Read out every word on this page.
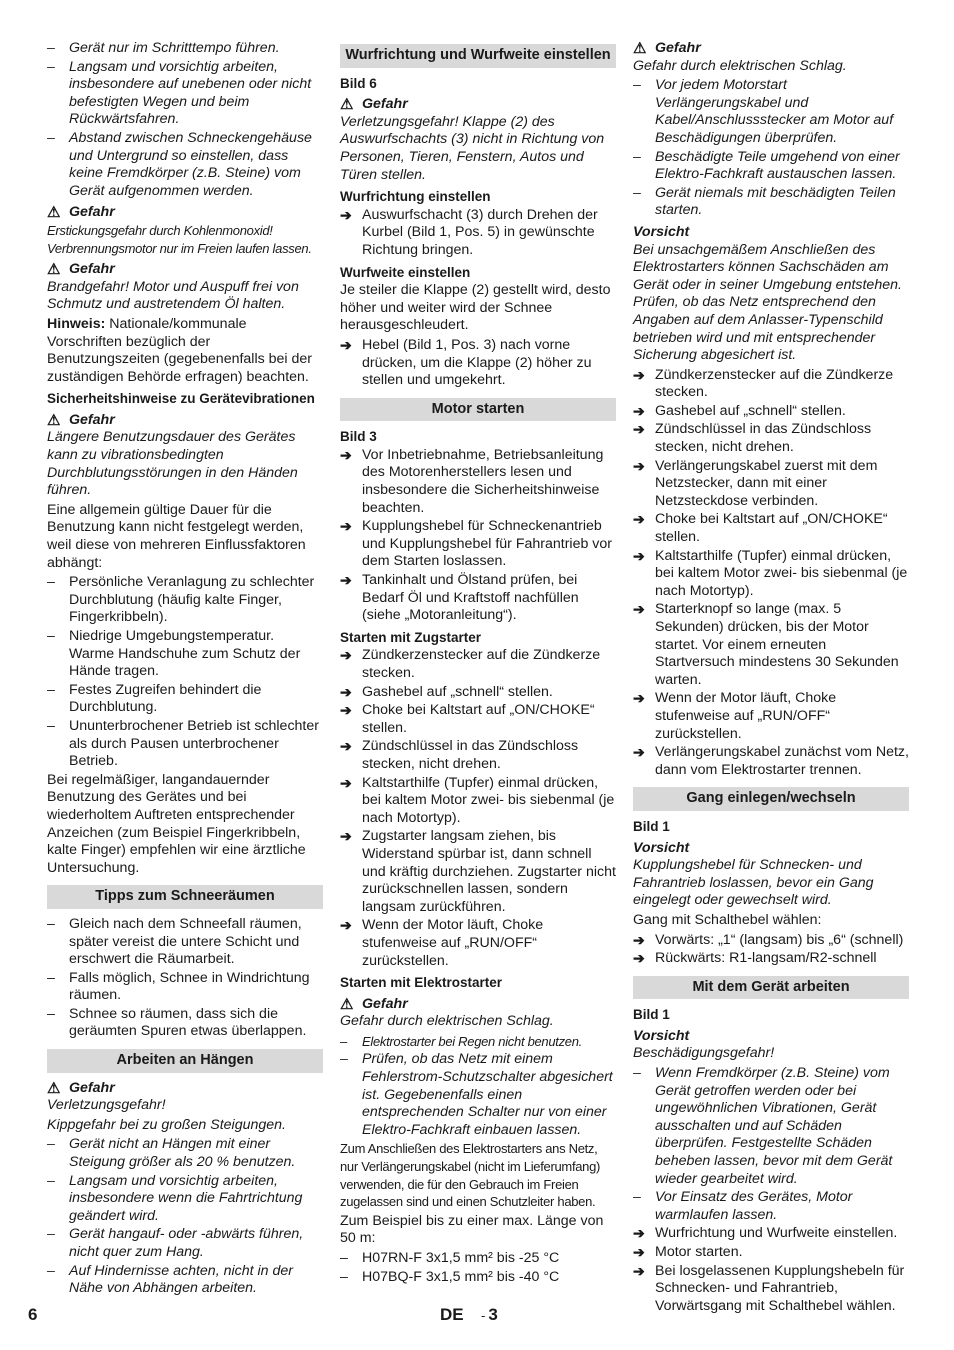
– Gerät nur im Schritttempo führen.
– Langsam und vorsichtig arbeiten, insbesondere auf unebenen oder nicht befestigten Wegen und beim Rückwärtsfahren.
– Abstand zwischen Schneckengehäuse und Untergrund so einstellen, dass keine Fremdkörper (z.B. Steine) vom Gerät aufgenommen werden.
⚠ Gefahr
Erstickungsgefahr durch Kohlenmonoxid! Verbrennungsmotor nur im Freien laufen lassen.
⚠ Gefahr
Brandgefahr! Motor und Auspuff frei von Schmutz und austretendem Öl halten.
Hinweis: Nationale/kommunale Vorschriften bezüglich der Benutzungszeiten (gegebenenfalls bei der zuständigen Behörde erfragen) beachten.
Sicherheitshinweise zu Gerätevibrationen
⚠ Gefahr
Längere Benutzungsdauer des Gerätes kann zu vibrationsbedingten Durchblutungsstörungen in den Händen führen.
Eine allgemein gültige Dauer für die Benutzung kann nicht festgelegt werden, weil diese von mehreren Einflussfaktoren abhängt:
– Persönliche Veranlagung zu schlechter Durchblutung (häufig kalte Finger, Fingerkribbeln).
– Niedrige Umgebungstemperatur. Warme Handschuhe zum Schutz der Hände tragen.
– Festes Zugreifen behindert die Durchblutung.
– Ununterbrochener Betrieb ist schlechter als durch Pausen unterbrochener Betrieb.
Bei regelmäßiger, langandauernder Benutzung des Gerätes und bei wiederholtem Auftreten entsprechender Anzeichen (zum Beispiel Fingerkribbeln, kalte Finger) empfehlen wir eine ärztliche Untersuchung.
Tipps zum Schneeräumen
– Gleich nach dem Schneefall räumen, später vereist die untere Schicht und erschwert die Räumarbeit.
– Falls möglich, Schnee in Windrichtung räumen.
– Schnee so räumen, dass sich die geräumten Spuren etwas überlappen.
Arbeiten an Hängen
⚠ Gefahr
Verletzungsgefahr!
Kippgefahr bei zu großen Steigungen.
– Gerät nicht an Hängen mit einer Steigung größer als 20 % benutzen.
– Langsam und vorsichtig arbeiten, insbesondere wenn die Fahrtrichtung geändert wird.
– Gerät hangauf- oder -abwärts führen, nicht quer zum Hang.
– Auf Hindernisse achten, nicht in der Nähe von Abhängen arbeiten.
Wurfrichtung und Wurfweite einstellen
Bild 6
⚠ Gefahr
Verletzungsgefahr! Klappe (2) des Auswurfschachts (3) nicht in Richtung von Personen, Tieren, Fenstern, Autos und Türen stellen.
Wurfrichtung einstellen
➔ Auswurfschacht (3) durch Drehen der Kurbel (Bild 1, Pos. 5) in gewünschte Richtung bringen.
Wurfweite einstellen
Je steiler die Klappe (2) gestellt wird, desto höher und weiter wird der Schnee herausgeschleudert.
➔ Hebel (Bild 1, Pos. 3) nach vorne drücken, um die Klappe (2) höher zu stellen und umgekehrt.
Motor starten
Bild 3
➔ Vor Inbetriebnahme, Betriebsanleitung des Motorenherstellers lesen und insbesondere die Sicherheitshinweise beachten.
➔ Kupplungshebel für Schneckenantrieb und Kupplungshebel für Fahrantrieb vor dem Starten loslassen.
➔ Tankinhalt und Ölstand prüfen, bei Bedarf Öl und Kraftstoff nachfüllen (siehe „Motoranleitung“).
Starten mit Zugstarter
➔ Zündkerzenstecker auf die Zündkerze stecken.
➔ Gashebel auf „schnell“ stellen.
➔ Choke bei Kaltstart auf „ON/CHOKE“ stellen.
➔ Zündschlüssel in das Zündschloss stecken, nicht drehen.
➔ Kaltstarthilfe (Tupfer) einmal drücken, bei kaltem Motor zwei- bis siebenmal (je nach Motortyp).
➔ Zugstarter langsam ziehen, bis Widerstand spürbar ist, dann schnell und kräftig durchziehen. Zugstarter nicht zurückschnellen lassen, sondern langsam zurückführen.
➔ Wenn der Motor läuft, Choke stufenweise auf „RUN/OFF“ zurückstellen.
Starten mit Elektrostarter
⚠ Gefahr
Gefahr durch elektrischen Schlag.
–	Elektrostarter bei Regen nicht benutzen.
– Prüfen, ob das Netz mit einem Fehlerstrom-Schutzschalter abgesichert ist. Gegebenenfalls einen entsprechenden Schalter nur von einer Elektro-Fachkraft einbauen lassen.
Zum Anschließen des Elektrostarters ans Netz, nur Verlängerungskabel (nicht im Lieferumfang) verwenden, die für den Gebrauch im Freien zugelassen sind und einen Schutzleiter haben.
Zum Beispiel bis zu einer max. Länge von 50 m:
– H07RN-F 3x1,5 mm² bis -25 °C
– H07BQ-F 3x1,5 mm² bis -40 °C
⚠ Gefahr
Gefahr durch elektrischen Schlag.
– Vor jedem Motorstart Verlängerungskabel und Kabel/Anschlussstecker am Motor auf Beschädigungen überprüfen.
– Beschädigte Teile umgehend von einer Elektro-Fachkraft austauschen lassen.
– Gerät niemals mit beschädigten Teilen starten.
Vorsicht
Bei unsachgemäßem Anschließen des Elektrostarters können Sachschäden am Gerät oder in seiner Umgebung entstehen. Prüfen, ob das Netz entsprechend den Angaben auf dem Anlasser-Typenschild betrieben wird und mit entsprechender Sicherung abgesichert ist.
➔ Zündkerzenstecker auf die Zündkerze stecken.
➔ Gashebel auf „schnell“ stellen.
➔ Zündschlüssel in das Zündschloss stecken, nicht drehen.
➔ Verlängerungskabel zuerst mit dem Netzstecker, dann mit einer Netzsteckdose verbinden.
➔ Choke bei Kaltstart auf „ON/CHOKE“ stellen.
➔ Kaltstarthilfe (Tupfer) einmal drücken, bei kaltem Motor zwei- bis siebenmal (je nach Motortyp).
➔ Starterknopf so lange (max. 5 Sekunden) drücken, bis der Motor startet. Vor einem erneuten Startversuch mindestens 30 Sekunden warten.
➔ Wenn der Motor läuft, Choke stufenweise auf „RUN/OFF“ zurückstellen.
➔ Verlängerungskabel zunächst vom Netz, dann vom Elektrostarter trennen.
Gang einlegen/wechseln
Bild 1
Vorsicht
Kupplungshebel für Schnecken- und Fahrantrieb loslassen, bevor ein Gang eingelegt oder gewechselt wird.
Gang mit Schalthebel wählen:
➔ Vorwärts: „1“ (langsam) bis „6“ (schnell)
➔ Rückwärts: R1-langsam/R2-schnell
Mit dem Gerät arbeiten
Bild 1
Vorsicht
Beschädigungsgefahr!
– Wenn Fremdkörper (z.B. Steine) vom Gerät getroffen werden oder bei ungewöhnlichen Vibrationen, Gerät ausschalten und auf Schäden überprüfen. Festgestellte Schäden beheben lassen, bevor mit dem Gerät wieder gearbeitet wird.
– Vor Einsatz des Gerätes, Motor warmlaufen lassen.
➔ Wurfrichtung und Wurfweite einstellen.
➔ Motor starten.
➔ Bei losgelassenen Kupplungshebeln für Schnecken- und Fahrantrieb, Vorwärtsgang mit Schalthebel wählen.
6	DE - 3
